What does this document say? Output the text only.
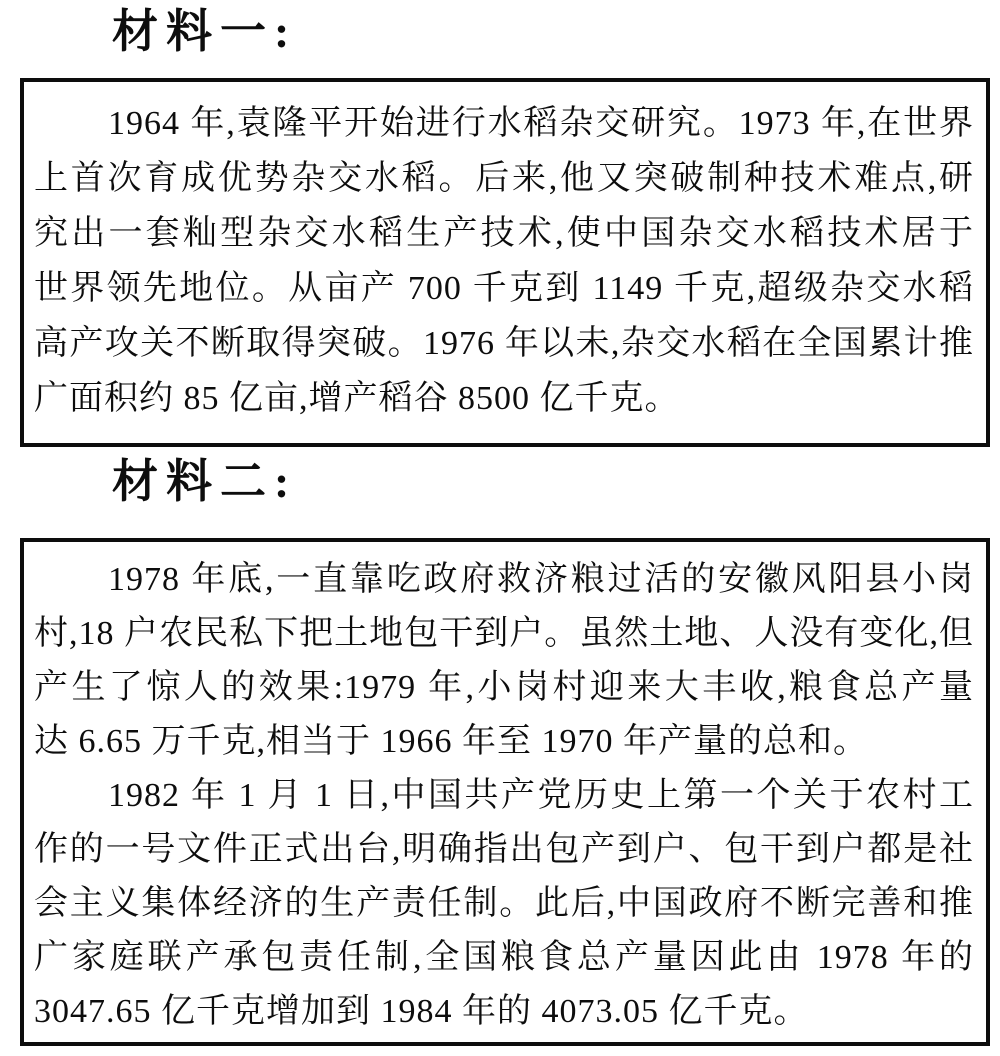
材料一:
1964 年,袁隆平开始进行水稻杂交研究。1973 年,在世界
上首次育成优势杂交水稻。后来,他又突破制种技术难点,研
究出一套籼型杂交水稻生产技术,使中国杂交水稻技术居于
世界领先地位。从亩产 700 千克到 1149 千克,超级杂交水稻
高产攻关不断取得突破。1976 年以未,杂交水稻在全国累计推
广面积约 85 亿亩,增产稻谷 8500 亿千克。
材料二:
1978 年底,一直靠吃政府救济粮过活的安徽风阳县小岗
村,18 户农民私下把土地包干到户。虽然土地、人没有变化,但
产生了惊人的效果:1979 年,小岗村迎来大丰收,粮食总产量
达 6.65 万千克,相当于 1966 年至 1970 年产量的总和。
1982 年 1 月 1 日,中国共产党历史上第一个关于农村工
作的一号文件正式出台,明确指出包产到户、包干到户都是社
会主义集体经济的生产责任制。此后,中国政府不断完善和推
广家庭联产承包责任制,全国粮食总产量因此由 1978 年的
3047.65 亿千克增加到 1984 年的 4073.05 亿千克。
